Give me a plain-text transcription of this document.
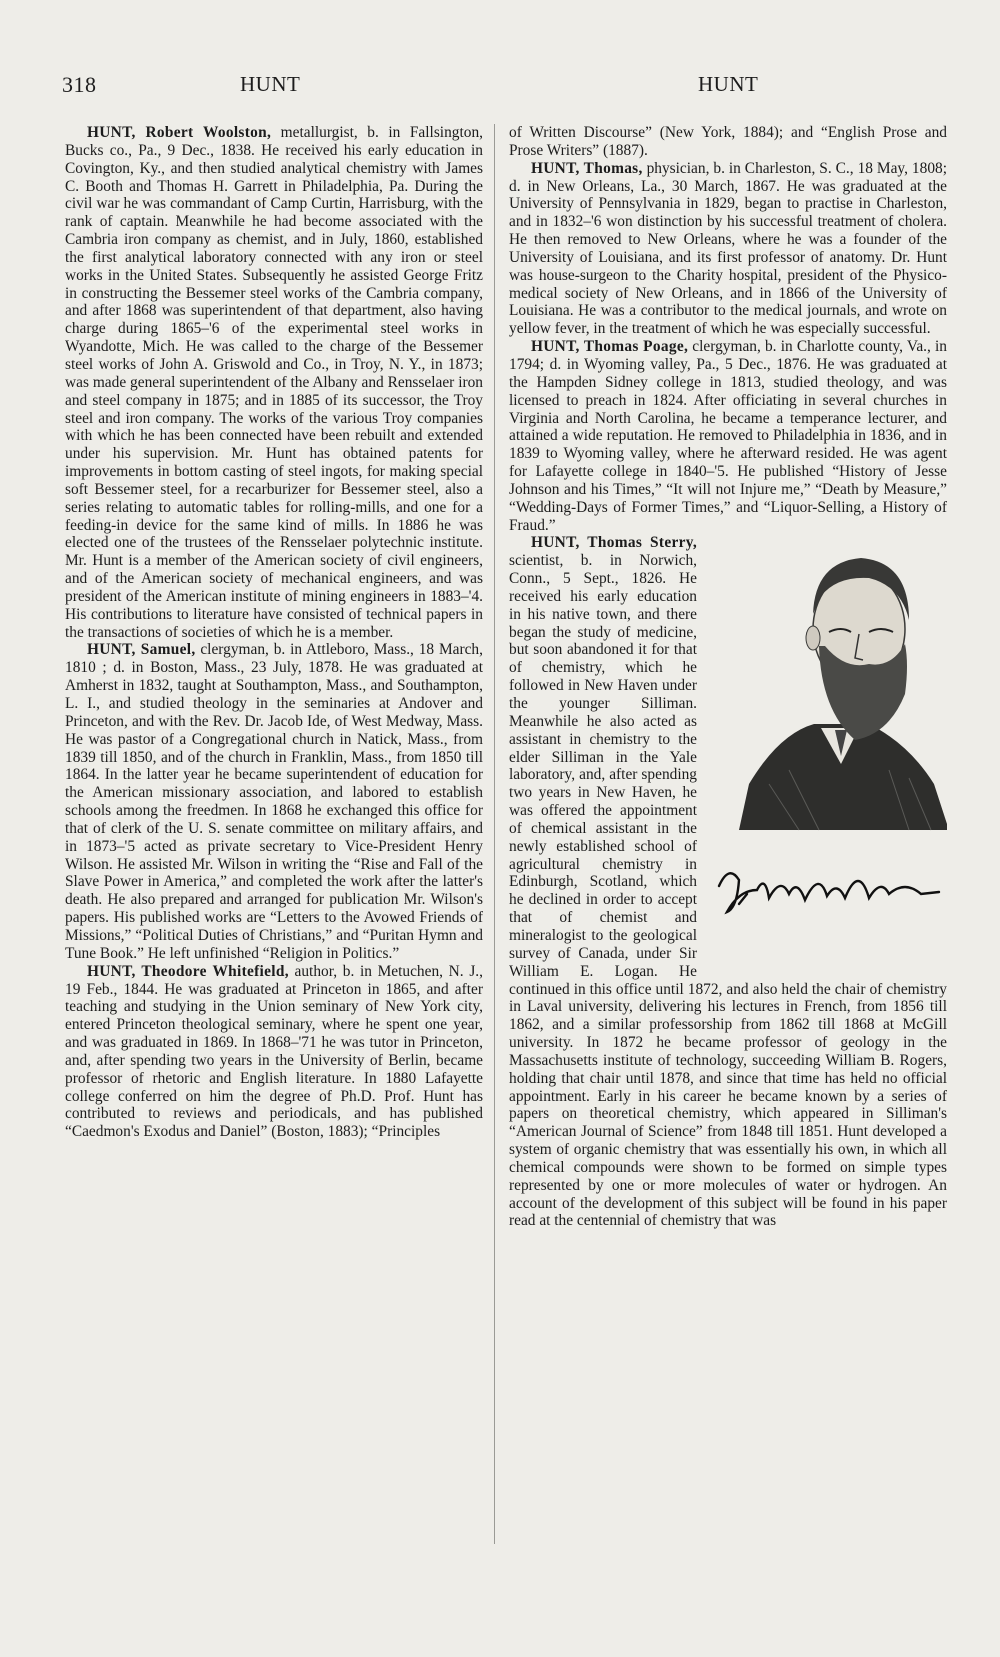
318	HUNT	HUNT

HUNT, Robert Woolston, metallurgist, b. in Fallsington, Bucks co., Pa., 9 Dec., 1838. He received his early education in Covington, Ky., and then studied analytical chemistry with James C. Booth and Thomas H. Garrett in Philadelphia, Pa. During the civil war he was commandant of Camp Curtin, Harrisburg, with the rank of captain. Meanwhile he had become associated with the Cambria iron company as chemist, and in July, 1860, established the first analytical laboratory connected with any iron or steel works in the United States. Subsequently he assisted George Fritz in constructing the Bessemer steel works of the Cambria company, and after 1868 was superintendent of that department, also having charge during 1865–'6 of the experimental steel works in Wyandotte, Mich. He was called to the charge of the Bessemer steel works of John A. Griswold and Co., in Troy, N. Y., in 1873; was made general superintendent of the Albany and Rensselaer iron and steel company in 1875; and in 1885 of its successor, the Troy steel and iron company. The works of the various Troy companies with which he has been connected have been rebuilt and extended under his supervision. Mr. Hunt has obtained patents for improvements in bottom casting of steel ingots, for making special soft Bessemer steel, for a recarburizer for Bessemer steel, also a series relating to automatic tables for rolling-mills, and one for a feeding-in device for the same kind of mills. In 1886 he was elected one of the trustees of the Rensselaer polytechnic institute. Mr. Hunt is a member of the American society of civil engineers, and of the American society of mechanical engineers, and was president of the American institute of mining engineers in 1883–'4. His contributions to literature have consisted of technical papers in the transactions of societies of which he is a member.

HUNT, Samuel, clergyman, b. in Attleboro, Mass., 18 March, 1810 ; d. in Boston, Mass., 23 July, 1878. He was graduated at Amherst in 1832, taught at Southampton, Mass., and Southampton, L. I., and studied theology in the seminaries at Andover and Princeton, and with the Rev. Dr. Jacob Ide, of West Medway, Mass. He was pastor of a Congregational church in Natick, Mass., from 1839 till 1850, and of the church in Franklin, Mass., from 1850 till 1864. In the latter year he became superintendent of education for the American missionary association, and labored to establish schools among the freedmen. In 1868 he exchanged this office for that of clerk of the U. S. senate committee on military affairs, and in 1873–'5 acted as private secretary to Vice-President Henry Wilson. He assisted Mr. Wilson in writing the “Rise and Fall of the Slave Power in America,” and completed the work after the latter's death. He also prepared and arranged for publication Mr. Wilson's papers. His published works are “Letters to the Avowed Friends of Missions,” “Political Duties of Christians,” and “Puritan Hymn and Tune Book.” He left unfinished “Religion in Politics.”

HUNT, Theodore Whitefield, author, b. in Metuchen, N. J., 19 Feb., 1844. He was graduated at Princeton in 1865, and after teaching and studying in the Union seminary of New York city, entered Princeton theological seminary, where he spent one year, and was graduated in 1869. In 1868–'71 he was tutor in Princeton, and, after spending two years in the University of Berlin, became professor of rhetoric and English literature. In 1880 Lafayette college conferred on him the degree of Ph.D. Prof. Hunt has contributed to reviews and periodicals, and has published “Caedmon's Exodus and Daniel” (Boston, 1883); “Principles

of Written Discourse” (New York, 1884); and “English Prose and Prose Writers” (1887).

HUNT, Thomas, physician, b. in Charleston, S. C., 18 May, 1808; d. in New Orleans, La., 30 March, 1867. He was graduated at the University of Pennsylvania in 1829, began to practise in Charleston, and in 1832–'6 won distinction by his successful treatment of cholera. He then removed to New Orleans, where he was a founder of the University of Louisiana, and its first professor of anatomy. Dr. Hunt was house-surgeon to the Charity hospital, president of the Physico-medical society of New Orleans, and in 1866 of the University of Louisiana. He was a contributor to the medical journals, and wrote on yellow fever, in the treatment of which he was especially successful.

HUNT, Thomas Poage, clergyman, b. in Charlotte county, Va., in 1794; d. in Wyoming valley, Pa., 5 Dec., 1876. He was graduated at the Hampden Sidney college in 1813, studied theology, and was licensed to preach in 1824. After officiating in several churches in Virginia and North Carolina, he became a temperance lecturer, and attained a wide reputation. He removed to Philadelphia in 1836, and in 1839 to Wyoming valley, where he afterward resided. He was agent for Lafayette college in 1840–'5. He published “History of Jesse Johnson and his Times,” “It will not Injure me,” “Death by Measure,” “Wedding-Days of Former Times,” and “Liquor-Selling, a History of Fraud.”

HUNT, Thomas Sterry, scientist, b. in Norwich, Conn., 5 Sept., 1826. He received his early education in his native town, and there began the study of medicine, but soon abandoned it for that of chemistry, which he followed in New Haven under the younger Silliman. Meanwhile he also acted as assistant in chemistry to the elder Silliman in the Yale laboratory, and, after spending two years in New Haven, he was offered the appointment of chemical assistant in the newly established school of agricultural chemistry in Edinburgh, Scotland, which he declined in order to accept that of chemist and mineralogist to the geological survey of Canada, under Sir William E. Logan. He continued in this office until 1872, and also held the chair of chemistry in Laval university, delivering his lectures in French, from 1856 till 1862, and a similar professorship from 1862 till 1868 at McGill university. In 1872 he became professor of geology in the Massachusetts institute of technology, succeeding William B. Rogers, holding that chair until 1878, and since that time has held no official appointment. Early in his career he became known by a series of papers on theoretical chemistry, which appeared in Silliman's “American Journal of Science” from 1848 till 1851. Hunt developed a system of organic chemistry that was essentially his own, in which all chemical compounds were shown to be formed on simple types represented by one or more molecules of water or hydrogen. An account of the development of this subject will be found in his paper read at the centennial of chemistry that was
